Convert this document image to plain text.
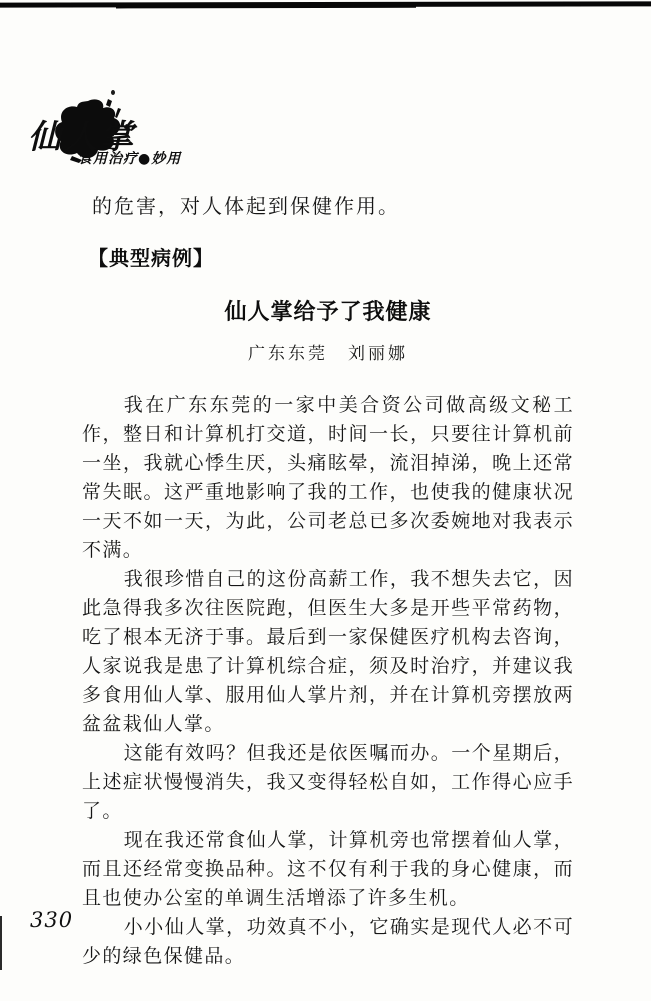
仙人掌
食用治疗●妙用
的危害，对人体起到保健作用。
【典型病例】
仙人掌给予了我健康

广东东莞 刘丽娜

我在广东东莞的一家中美合资公司做高级文秘工作，整日和计算机打交道，时间一长，只要往计算机前一坐，我就心悸生厌，头痛眩晕，流泪掉涕，晚上还常常失眠。这严重地影响了我的工作，也使我的健康状况一天不如一天，为此，公司老总已多次委婉地对我表示不满。

我很珍惜自己的这份高薪工作，我不想失去它，因此急得我多次往医院跑，但医生大多是开些平常药物，吃了根本无济于事。最后到一家保健医疗机构去咨询，人家说我是患了计算机综合症，须及时治疗，并建议我多食用仙人掌、服用仙人掌片剂，并在计算机旁摆放两盆盆栽仙人掌。

这能有效吗？但我还是依医嘱而办。一个星期后，上述症状慢慢消失，我又变得轻松自如，工作得心应手了。

现在我还常食仙人掌，计算机旁也常摆着仙人掌，而且还经常变换品种。这不仅有利于我的身心健康，而且也使办公室的单调生活增添了许多生机。

小小仙人掌，功效真不小，它确实是现代人必不可少的绿色保健品。

330
